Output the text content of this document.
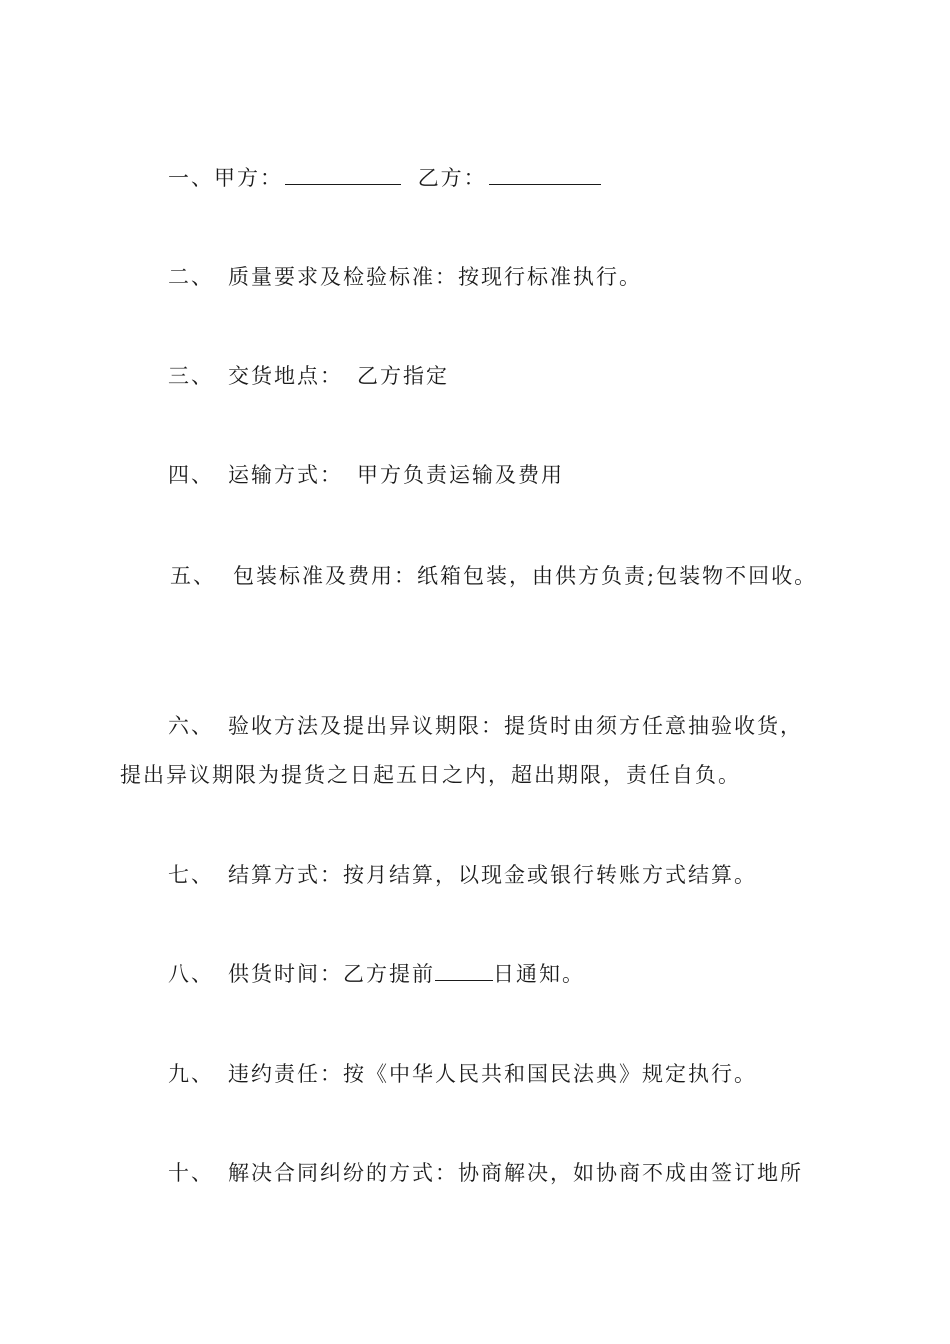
一、甲方：	乙方：
二、 质量要求及检验标准：按现行标准执行。
三、 交货地点： 乙方指定
四、 运输方式： 甲方负责运输及费用
五、 包装标准及费用：纸箱包装，由供方负责;包装物不回收。
六、 验收方法及提出异议期限：提货时由须方任意抽验收货，
提出异议期限为提货之日起五日之内，超出期限，责任自负。
七、 结算方式：按月结算，以现金或银行转账方式结算。
八、 供货时间：乙方提前	日通知。
九、 违约责任：按《中华人民共和国民法典》规定执行。
十、 解决合同纠纷的方式：协商解决，如协商不成由签订地所
